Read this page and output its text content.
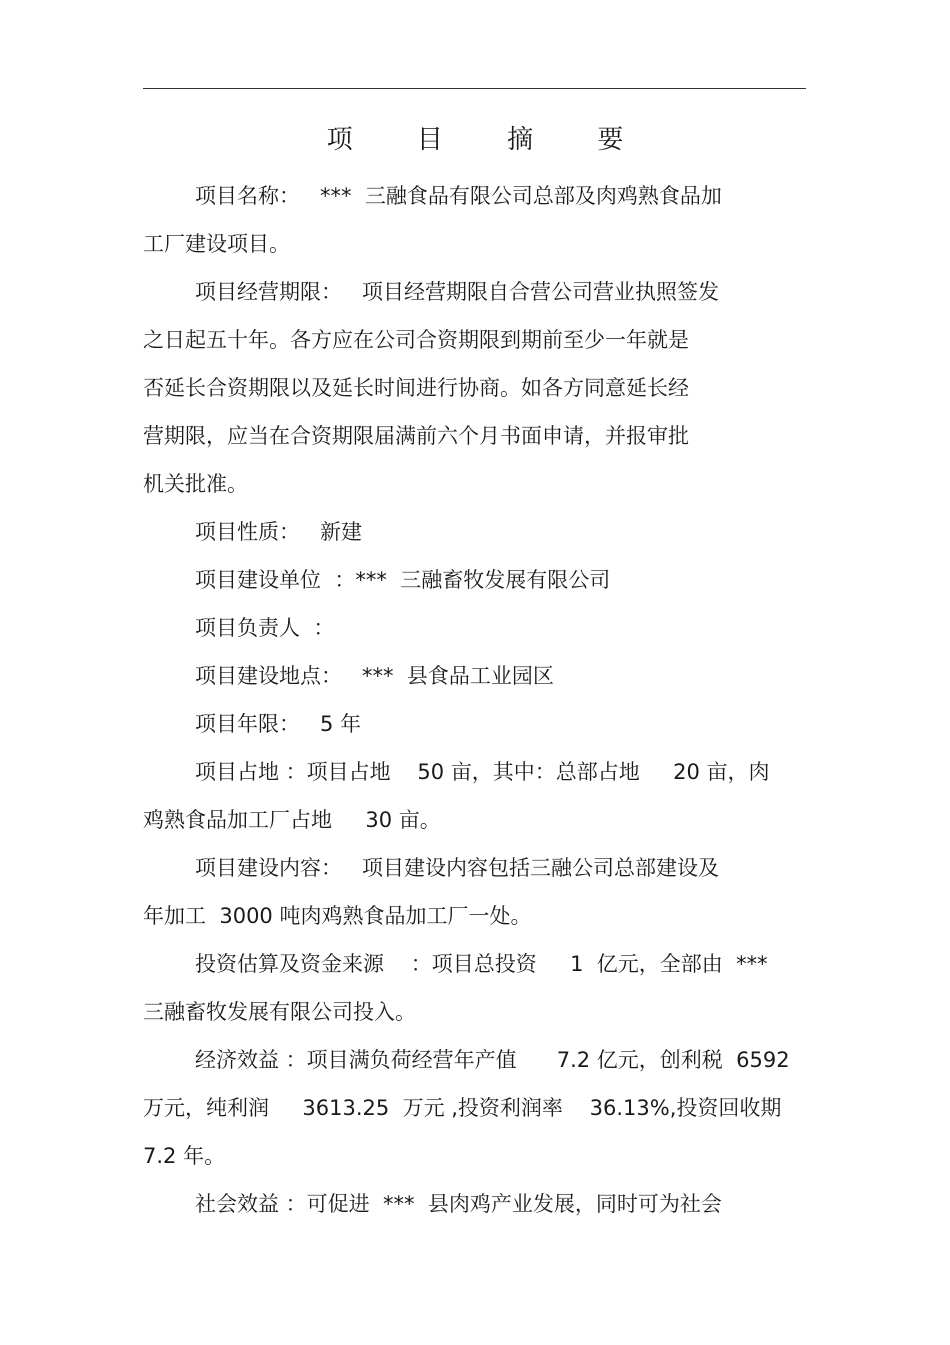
项 目 摘 要
项目名称：   ***  三融食品有限公司总部及肉鸡熟食品加
工厂建设项目。
项目经营期限：   项目经营期限自合营公司营业执照签发
之日起五十年。各方应在公司合资期限到期前至少一年就是
否延长合资期限以及延长时间进行协商。如各方同意延长经
营期限，应当在合资期限届满前六个月书面申请，并报审批
机关批准。
项目性质：   新建
项目建设单位  ：***  三融畜牧发展有限公司
项目负责人  ：
项目建设地点：   ***  县食品工业园区
项目年限：   5 年
项目占地 ：项目占地    50 亩，其中：总部占地     20 亩，肉
鸡熟食品加工厂占地     30 亩。
项目建设内容：   项目建设内容包括三融公司总部建设及
年加工  3000 吨肉鸡熟食品加工厂一处。
投资估算及资金来源    ：项目总投资     1  亿元，全部由  ***
三融畜牧发展有限公司投入。
经济效益 ：项目满负荷经营年产值      7.2 亿元，创利税  6592
万元，纯利润     3613.25  万元 ,投资利润率    36.13%,投资回收期
7.2 年。
社会效益 ：可促进  ***  县肉鸡产业发展，同时可为社会
